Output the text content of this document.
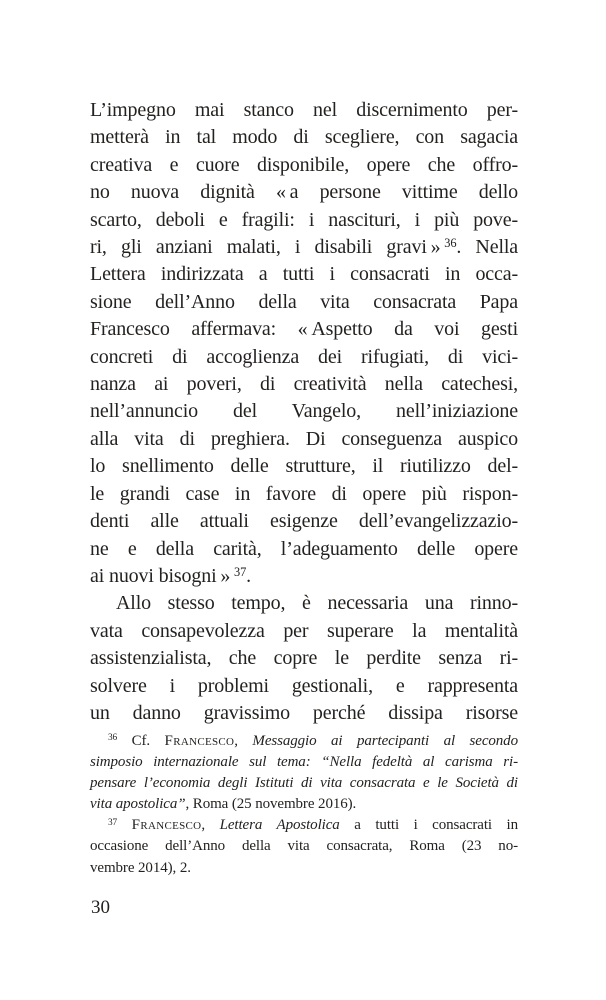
L’impegno mai stanco nel discernimento per-
metterà in tal modo di scegliere, con sagacia
creativa e cuore disponibile, opere che offro-
no nuova dignità « a persone vittime dello
scarto, deboli e fragili: i nascituri, i più pove-
ri, gli anziani malati, i disabili gravi » $^{36}$. Nella
Lettera indirizzata a tutti i consacrati in occa-
sione dell’Anno della vita consacrata Papa
Francesco affermava: « Aspetto da voi gesti
concreti di accoglienza dei rifugiati, di vici-
nanza ai poveri, di creatività nella catechesi,
nell’annuncio del Vangelo, nell’iniziazione
alla vita di preghiera. Di conseguenza auspico
lo snellimento delle strutture, il riutilizzo del-
le grandi case in favore di opere più rispon-
denti alle attuali esigenze dell’evangelizzazio-
ne e della carità, l’adeguamento delle opere
ai nuovi bisogni » $^{37}$.
Allo stesso tempo, è necessaria una rinno-
vata consapevolezza per superare la mentalità
assistenzialista, che copre le perdite senza ri-
solvere i problemi gestionali, e rappresenta
un danno gravissimo perché dissipa risorse
$^{36}$ Cf. Francesco, Messaggio ai partecipanti al secondo
simposio internazionale sul tema: “Nella fedeltà al carisma ri-
pensare l’economia degli Istituti di vita consacrata e le Società di
vita apostolica”, Roma (25 novembre 2016).
$^{37}$ Francesco, Lettera Apostolica a tutti i consacrati in
occasione dell’Anno della vita consacrata, Roma (23 no-
vembre 2014), 2.
30
